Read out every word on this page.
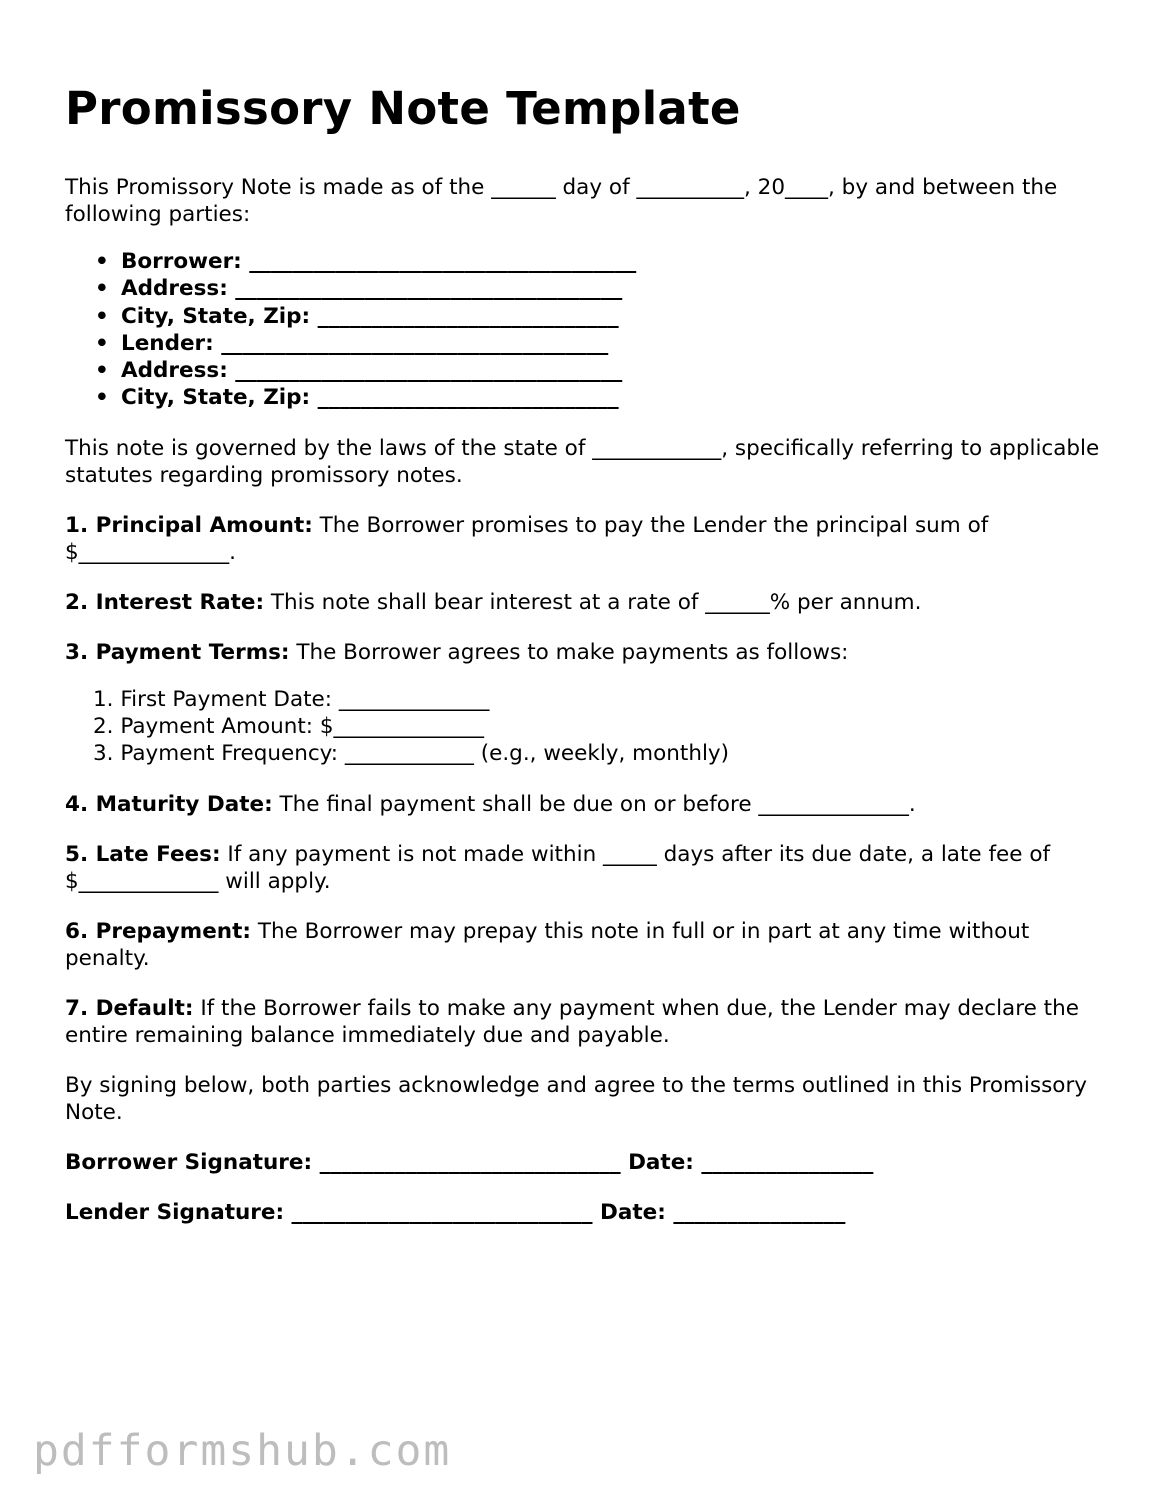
Promissory Note Template

This Promissory Note is made as of the ______ day of __________, 20____, by and between the following parties:

• Borrower: ____________________________________
• Address: ____________________________________
• City, State, Zip: ____________________________
• Lender: ____________________________________
• Address: ____________________________________
• City, State, Zip: ____________________________

This note is governed by the laws of the state of ____________, specifically referring to applicable statutes regarding promissory notes.

1. Principal Amount: The Borrower promises to pay the Lender the principal sum of $______________.

2. Interest Rate: This note shall bear interest at a rate of ______% per annum.

3. Payment Terms: The Borrower agrees to make payments as follows:

1. First Payment Date: ______________
2. Payment Amount: $______________
3. Payment Frequency: ____________ (e.g., weekly, monthly)

4. Maturity Date: The final payment shall be due on or before ______________.

5. Late Fees: If any payment is not made within _____ days after its due date, a late fee of $_____________ will apply.

6. Prepayment: The Borrower may prepay this note in full or in part at any time without penalty.

7. Default: If the Borrower fails to make any payment when due, the Lender may declare the entire remaining balance immediately due and payable.

By signing below, both parties acknowledge and agree to the terms outlined in this Promissory Note.

Borrower Signature: ____________________________ Date: ________________
Lender Signature: ____________________________ Date: ________________
pdfformshub.com
